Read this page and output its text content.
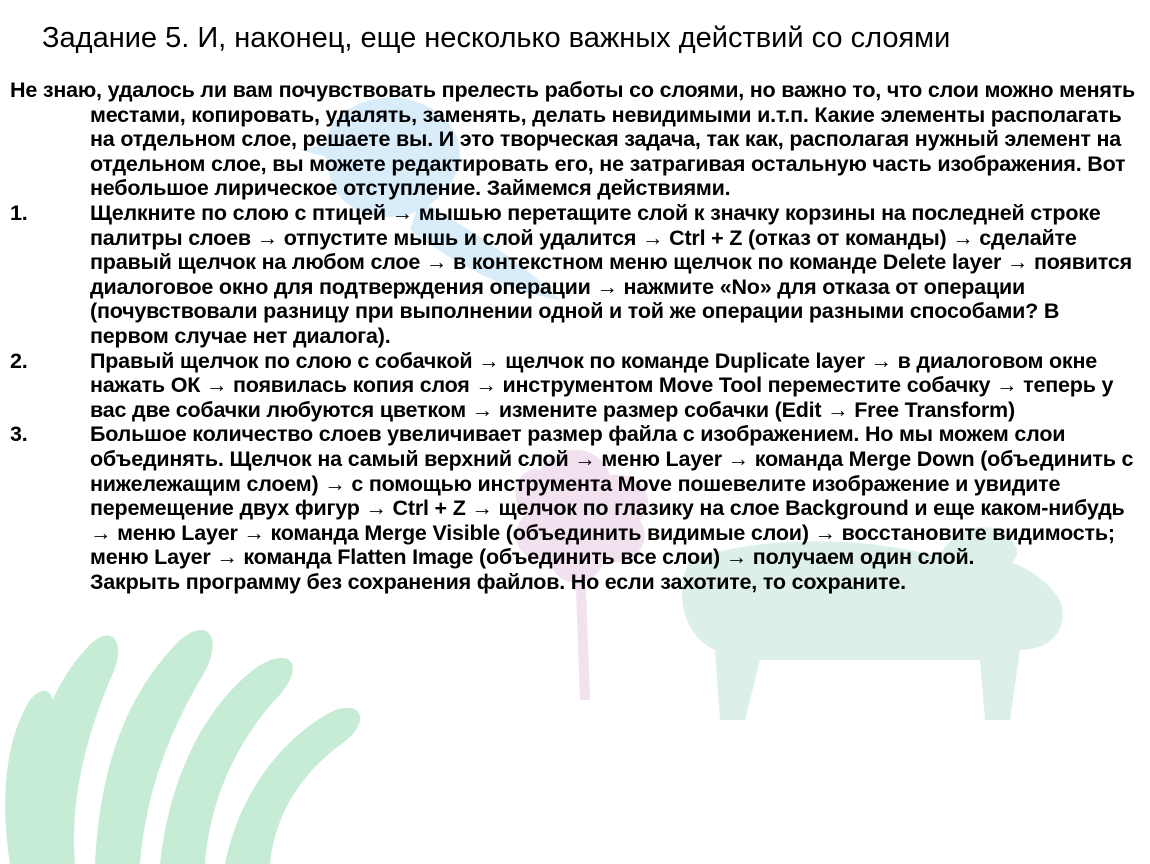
Задание 5. И, наконец, еще несколько важных действий со слоями

Не знаю, удалось ли вам почувствовать прелесть работы со слоями, но важно то, что слои можно менять местами, копировать, удалять, заменять, делать невидимыми и.т.п. Какие элементы располагать на отдельном слое, решаете вы. И это творческая задача, так как, располагая нужный элемент на отдельном слое, вы можете редактировать его, не затрагивая остальную часть изображения. Вот небольшое лирическое отступление. Займемся действиями.

1.	Щелкните по слою с птицей → мышью перетащите слой к значку корзины на последней строке палитры слоев → отпустите мышь и слой удалится → Ctrl + Z (отказ от команды) → сделайте правый щелчок на любом слое → в контекстном меню щелчок по команде Delete layer → появится диалоговое окно для подтверждения операции → нажмите «No» для отказа от операции (почувствовали разницу при выполнении одной и той же операции разными способами? В первом случае нет диалога).

2.	Правый щелчок по слою с собачкой → щелчок по команде Duplicate layer → в диалоговом окне нажать ОК → появилась копия слоя → инструментом Move Tool переместите собачку → теперь у вас две собачки любуются цветком → измените размер собачки (Edit → Free Transform)

3.	Большое количество слоев увеличивает размер файла с изображением. Но мы можем слои объединять. Щелчок на самый верхний слой → меню Layer → команда Merge Down (объединить с нижележащим слоем) → с помощью инструмента Move пошевелите изображение и увидите перемещение двух фигур → Ctrl + Z → щелчок по глазику на слое Background и еще каком-нибудь → меню Layer → команда Merge Visible (объединить видимые слои) → восстановите видимость; меню Layer → команда Flatten Image (объединить все слои) → получаем один слой.

Закрыть программу без сохранения файлов. Но если захотите, то сохраните.
